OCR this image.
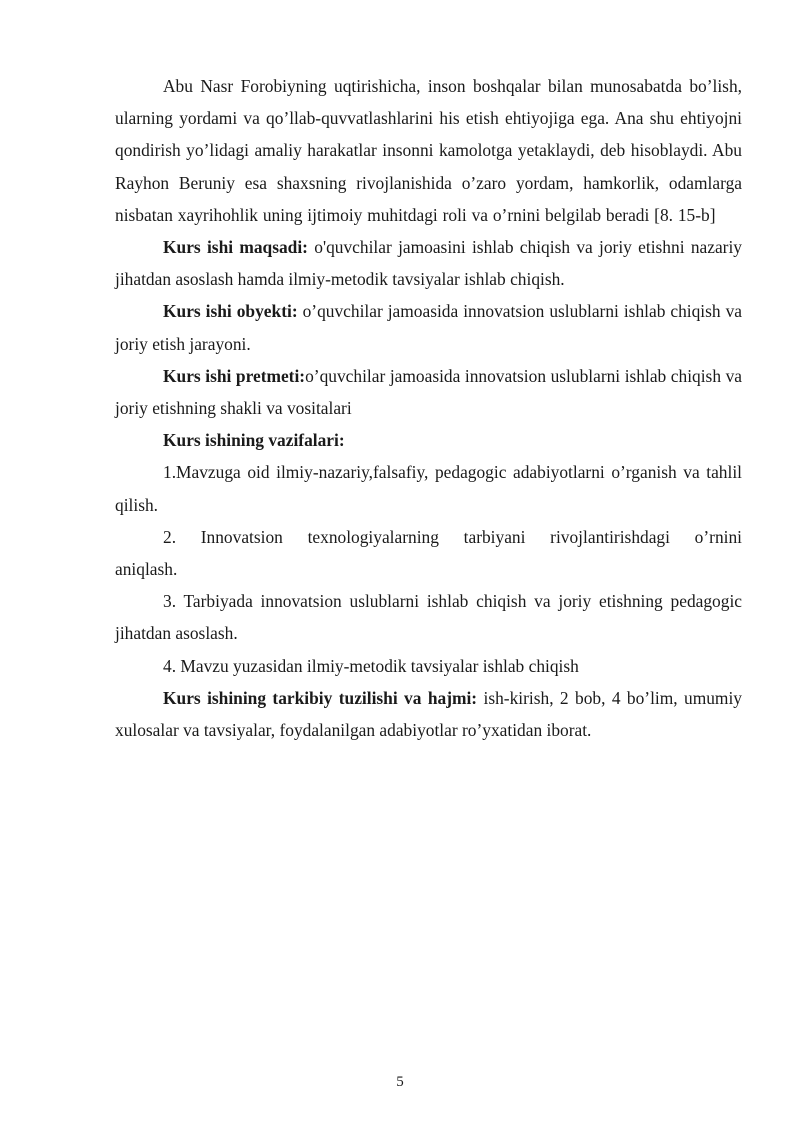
Abu Nasr Forobiyning uqtirishicha, inson boshqalar bilan munosabatda bo’lish, ularning yordami va qo’llab-quvvatlashlarini his etish ehtiyojiga ega. Ana shu ehtiyojni qondirish yo’lidagi amaliy harakatlar insonni kamolotga yetaklaydi, deb hisoblaydi. Abu Rayhon Beruniy esa shaxsning rivojlanishida o’zaro yordam, hamkorlik, odamlarga nisbatan xayrihohlik uning ijtimoiy muhitdagi roli va o’rnini belgilab beradi [8. 15-b]

Kurs ishi maqsadi: o'quvchilar jamoasini ishlab chiqish va joriy etishni nazariy jihatdan asoslash hamda ilmiy-metodik tavsiyalar ishlab chiqish.

Kurs ishi obyekti: o’quvchilar jamoasida innovatsion uslublarni ishlab chiqish va joriy etish jarayoni.

Kurs ishi pretmeti:o’quvchilar jamoasida innovatsion uslublarni ishlab chiqish va joriy etishning shakli va vositalari

Kurs ishining vazifalari:

1.Mavzuga oid ilmiy-nazariy,falsafiy, pedagogic adabiyotlarni o’rganish va tahlil qilish.

2. Innovatsion texnologiyalarning tarbiyani rivojlantirishdagi o’rnini aniqlash.

3. Tarbiyada innovatsion uslublarni ishlab chiqish va joriy etishning pedagogic jihatdan asoslash.

4. Mavzu yuzasidan ilmiy-metodik tavsiyalar ishlab chiqish

Kurs ishining tarkibiy tuzilishi va hajmi: ish-kirish, 2 bob, 4 bo’lim, umumiy xulosalar va tavsiyalar, foydalanilgan adabiyotlar ro’yxatidan iborat.

5
